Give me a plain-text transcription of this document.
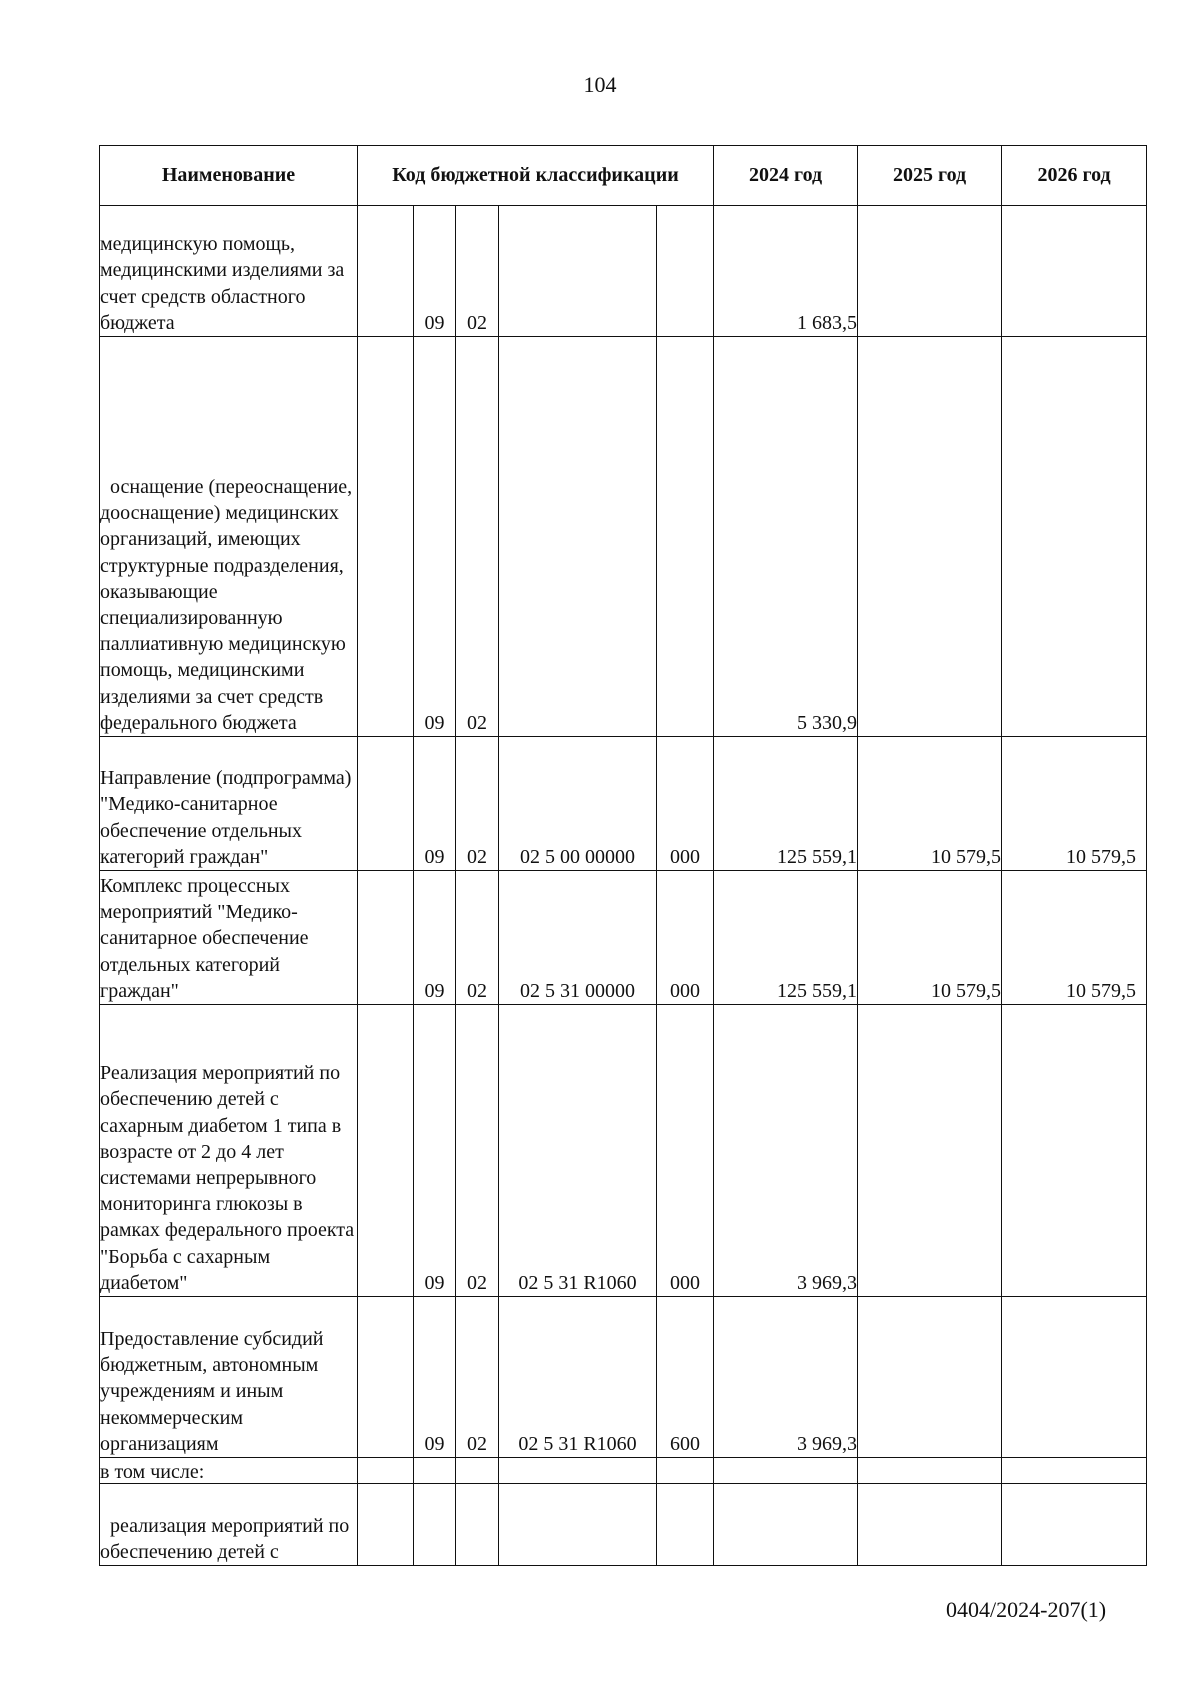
104
Наименование	Код бюджетной классификации					2024 год	2025 год	2026 год
медицинскую помощь, медицинскими изделиями за счет средств областного бюджета		09	02			1 683,5		
оснащение (переоснащение, дооснащение) медицинских организаций, имеющих структурные подразделения, оказывающие специализированную паллиативную медицинскую помощь, медицинскими изделиями за счет средств федерального бюджета		09	02			5 330,9		
Направление (подпрограмма) "Медико-санитарное обеспечение отдельных категорий граждан"		09	02	02 5 00 00000	000	125 559,1	10 579,5	10 579,5
Комплекс процессных мероприятий "Медико-санитарное обеспечение отдельных категорий граждан"		09	02	02 5 31 00000	000	125 559,1	10 579,5	10 579,5
Реализация мероприятий по обеспечению детей с сахарным диабетом 1 типа в возрасте от 2 до 4 лет системами непрерывного мониторинга глюкозы в рамках федерального проекта "Борьба с сахарным диабетом"		09	02	02 5 31 R1060	000	3 969,3		
Предоставление субсидий бюджетным, автономным учреждениям и иным некоммерческим организациям		09	02	02 5 31 R1060	600	3 969,3		
в том числе:								
реализация мероприятий по обеспечению детей с								
0404/2024-207(1)
